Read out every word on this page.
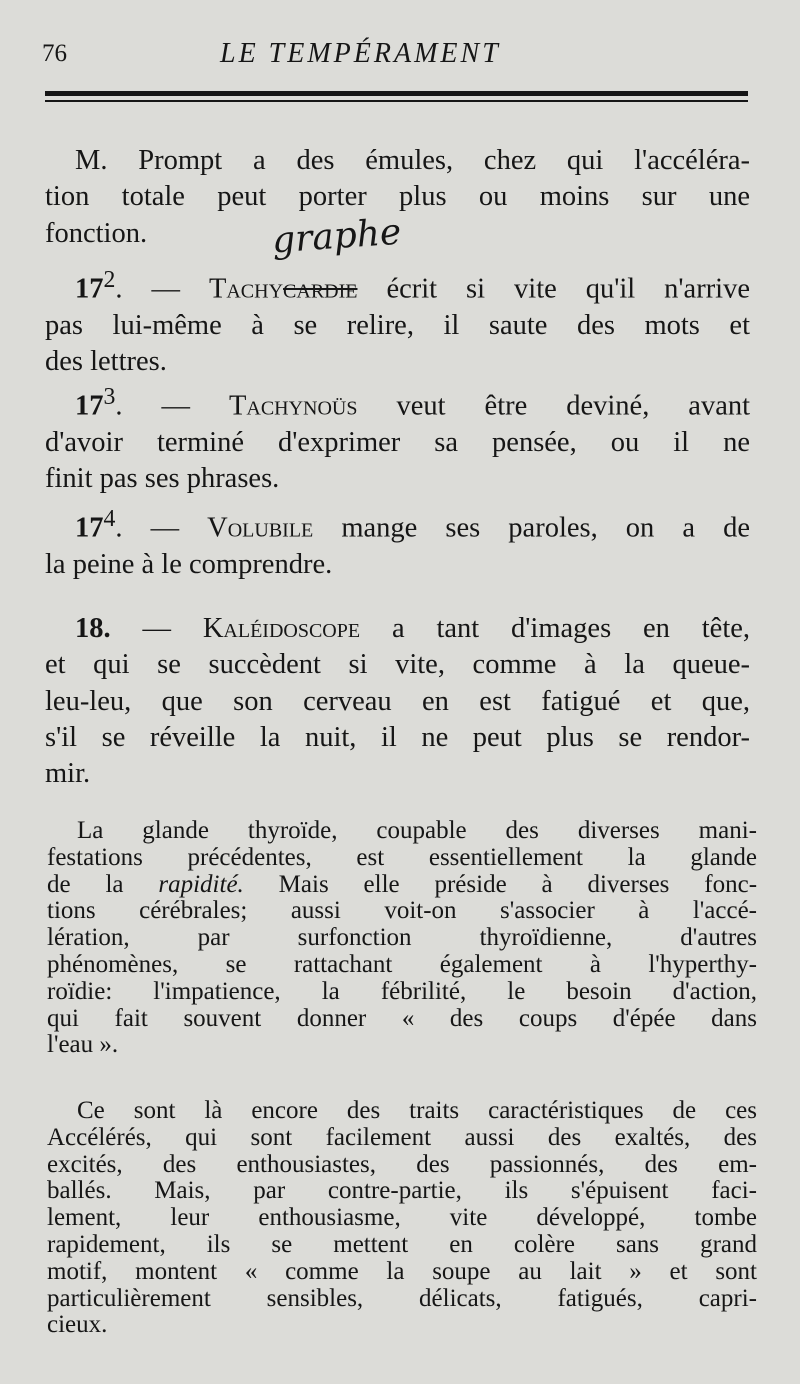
76	LE TEMPÉRAMENT
M. Prompt a des émules, chez qui l'accéléra-
tion totale peut porter plus ou moins sur une
fonction.	graphe
$17^2$. — Tachycardie écrit si vite qu'il n'arrive
pas lui-même à se relire, il saute des mots et
des lettres.
$17^3$. — Tachynoüs veut être deviné, avant
d'avoir terminé d'exprimer sa pensée, ou il ne
finit pas ses phrases.
$17^4$. — Volubile mange ses paroles, on a de
la peine à le comprendre.
18. — Kaléidoscope a tant d'images en tête,
et qui se succèdent si vite, comme à la queue-
leu-leu, que son cerveau en est fatigué et que,
s'il se réveille la nuit, il ne peut plus se rendor-
mir.
La glande thyroïde, coupable des diverses mani-
festations précédentes, est essentiellement la glande
de la rapidité. Mais elle préside à diverses fonc-
tions cérébrales; aussi voit-on s'associer à l'accé-
lération, par surfonction thyroïdienne, d'autres
phénomènes, se rattachant également à l'hyperthy-
roïdie: l'impatience, la fébrilité, le besoin d'action,
qui fait souvent donner « des coups d'épée dans
l'eau ».
Ce sont là encore des traits caractéristiques de ces
Accélérés, qui sont facilement aussi des exaltés, des
excités, des enthousiastes, des passionnés, des em-
ballés. Mais, par contre-partie, ils s'épuisent faci-
lement, leur enthousiasme, vite développé, tombe
rapidement, ils se mettent en colère sans grand
motif, montent « comme la soupe au lait » et sont
particulièrement sensibles, délicats, fatigués, capri-
cieux.
